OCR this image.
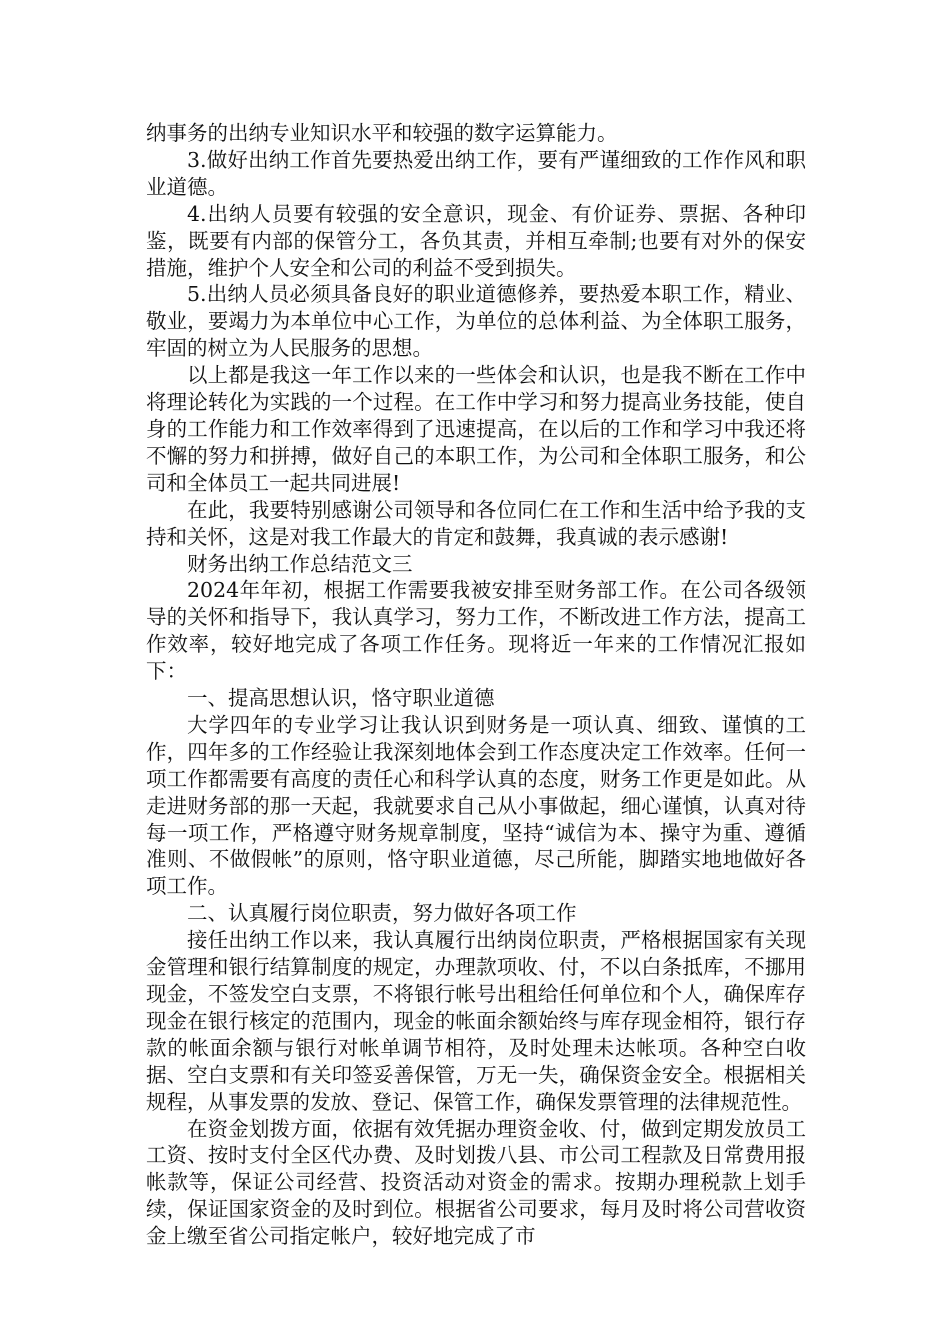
纳事务的出纳专业知识水平和较强的数字运算能力。

3.做好出纳工作首先要热爱出纳工作，要有严谨细致的工作作风和职业道德。

4.出纳人员要有较强的安全意识，现金、有价证券、票据、各种印鉴，既要有内部的保管分工，各负其责，并相互牵制;也要有对外的保安措施，维护个人安全和公司的利益不受到损失。

5.出纳人员必须具备良好的职业道德修养，要热爱本职工作，精业、敬业，要竭力为本单位中心工作，为单位的总体利益、为全体职工服务，牢固的树立为人民服务的思想。

以上都是我这一年工作以来的一些体会和认识，也是我不断在工作中将理论转化为实践的一个过程。在工作中学习和努力提高业务技能，使自身的工作能力和工作效率得到了迅速提高，在以后的工作和学习中我还将不懈的努力和拼搏，做好自己的本职工作，为公司和全体职工服务，和公司和全体员工一起共同进展!

在此，我要特别感谢公司领导和各位同仁在工作和生活中给予我的支持和关怀，这是对我工作最大的肯定和鼓舞，我真诚的表示感谢!

财务出纳工作总结范文三

2024年年初，根据工作需要我被安排至财务部工作。在公司各级领导的关怀和指导下，我认真学习，努力工作，不断改进工作方法，提高工作效率，较好地完成了各项工作任务。现将近一年来的工作情况汇报如下：

一、提高思想认识，恪守职业道德

大学四年的专业学习让我认识到财务是一项认真、细致、谨慎的工作，四年多的工作经验让我深刻地体会到工作态度决定工作效率。任何一项工作都需要有高度的责任心和科学认真的态度，财务工作更是如此。从走进财务部的那一天起，我就要求自己从小事做起，细心谨慎，认真对待每一项工作，严格遵守财务规章制度，坚持“诚信为本、操守为重、遵循准则、不做假帐”的原则，恪守职业道德，尽己所能，脚踏实地地做好各项工作。

二、认真履行岗位职责，努力做好各项工作

接任出纳工作以来，我认真履行出纳岗位职责，严格根据国家有关现金管理和银行结算制度的规定，办理款项收、付，不以白条抵库，不挪用现金，不签发空白支票，不将银行帐号出租给任何单位和个人，确保库存现金在银行核定的范围内，现金的帐面余额始终与库存现金相符，银行存款的帐面余额与银行对帐单调节相符，及时处理未达帐项。各种空白收据、空白支票和有关印签妥善保管，万无一失，确保资金安全。根据相关规程，从事发票的发放、登记、保管工作，确保发票管理的法律规范性。

在资金划拨方面，依据有效凭据办理资金收、付，做到定期发放员工工资、按时支付全区代办费、及时划拨八县、市公司工程款及日常费用报帐款等，保证公司经营、投资活动对资金的需求。按期办理税款上划手续，保证国家资金的及时到位。根据省公司要求，每月及时将公司营收资金上缴至省公司指定帐户，较好地完成了市
